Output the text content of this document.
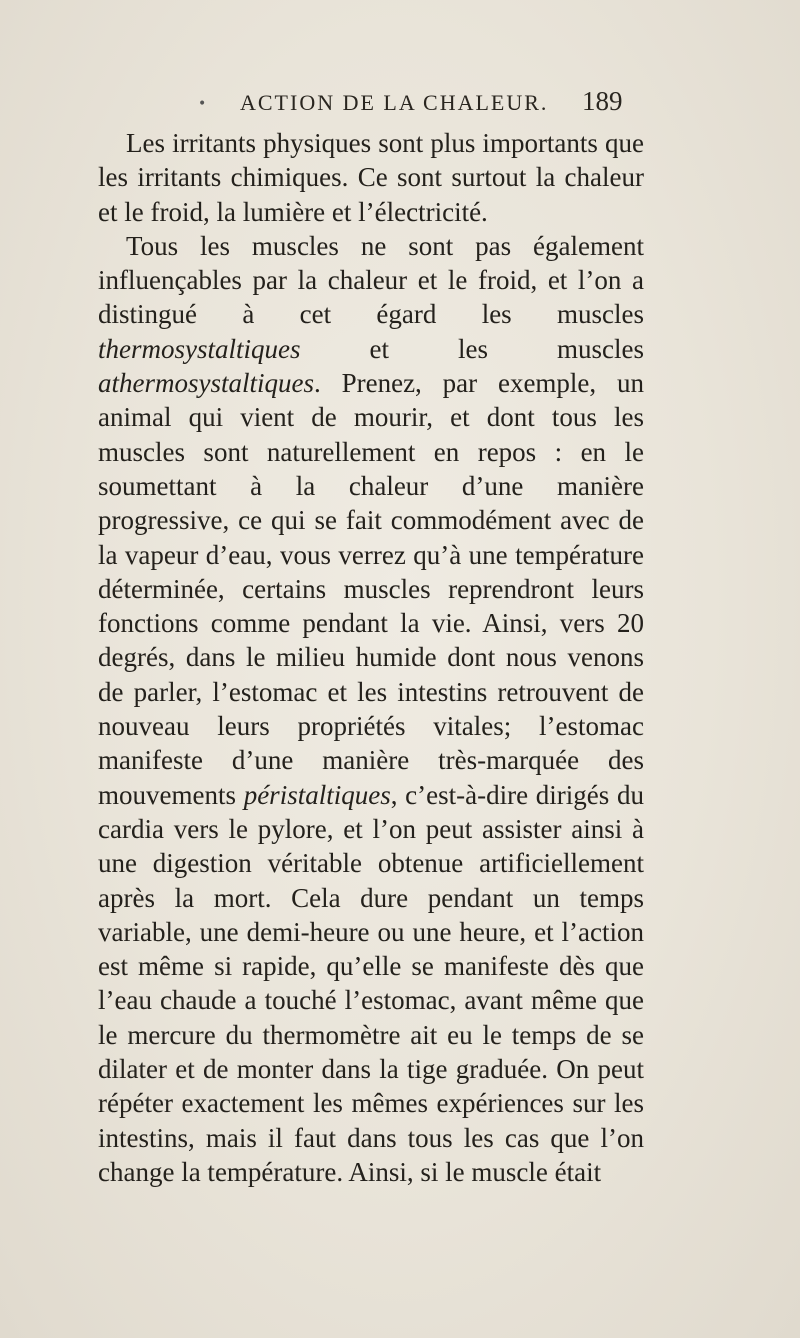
• ACTION DE LA CHALEUR. 189

Les irritants physiques sont plus importants que les irritants chimiques. Ce sont surtout la chaleur et le froid, la lumière et l’électricité.

Tous les muscles ne sont pas également influençables par la chaleur et le froid, et l’on a distingué à cet égard les muscles thermosystaltiques et les muscles athermosystaltiques. Prenez, par exemple, un animal qui vient de mourir, et dont tous les muscles sont naturellement en repos : en le soumettant à la chaleur d’une manière progressive, ce qui se fait commodément avec de la vapeur d’eau, vous verrez qu’à une température déterminée, certains muscles reprendront leurs fonctions comme pendant la vie. Ainsi, vers 20 degrés, dans le milieu humide dont nous venons de parler, l’estomac et les intestins retrouvent de nouveau leurs propriétés vitales; l’estomac manifeste d’une manière très-marquée des mouvements péristaltiques, c’est-à-dire dirigés du cardia vers le pylore, et l’on peut assister ainsi à une digestion véritable obtenue artificiellement après la mort. Cela dure pendant un temps variable, une demi-heure ou une heure, et l’action est même si rapide, qu’elle se manifeste dès que l’eau chaude a touché l’estomac, avant même que le mercure du thermomètre ait eu le temps de se dilater et de monter dans la tige graduée. On peut répéter exactement les mêmes expériences sur les intestins, mais il faut dans tous les cas que l’on change la température. Ainsi, si le muscle était
